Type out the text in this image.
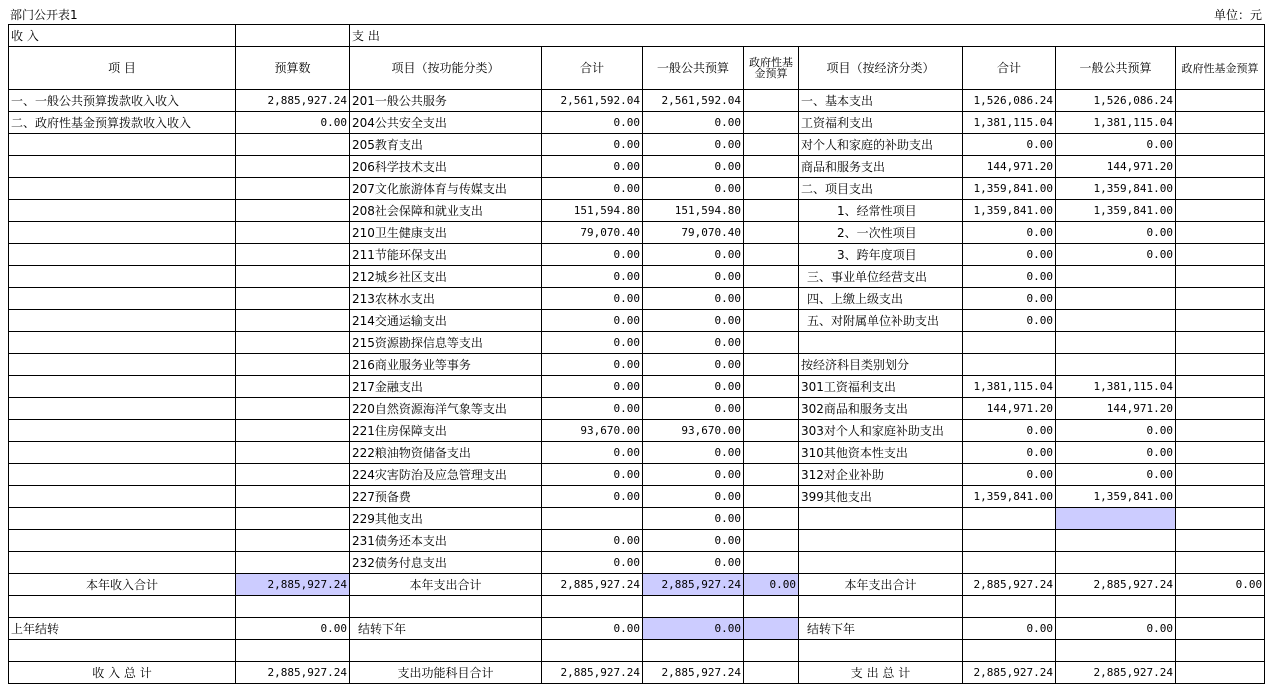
部门公开表1	单位：元
收 入		支 出							
项 目	预算数	项目（按功能分类）	合计	一般公共预算	政府性基金预算	项目（按经济分类）	合计	一般公共预算	政府性基金预算
一、一般公共预算拨款收入收入	2,885,927.24	201一般公共服务	2,561,592.04	2,561,592.04		一、基本支出	1,526,086.24	1,526,086.24	
二、政府性基金预算拨款收入收入	0.00	204公共安全支出	0.00	0.00		工资福利支出	1,381,115.04	1,381,115.04	
		205教育支出	0.00	0.00		对个人和家庭的补助支出	0.00	0.00	
		206科学技术支出	0.00	0.00		商品和服务支出	144,971.20	144,971.20	
		207文化旅游体育与传媒支出	0.00	0.00		二、项目支出	1,359,841.00	1,359,841.00	
		208社会保障和就业支出	151,594.80	151,594.80		1、经常性项目	1,359,841.00	1,359,841.00	
		210卫生健康支出	79,070.40	79,070.40		2、一次性项目	0.00	0.00	
		211节能环保支出	0.00	0.00		3、跨年度项目	0.00	0.00	
		212城乡社区支出	0.00	0.00		三、事业单位经营支出	0.00		
		213农林水支出	0.00	0.00		四、上缴上级支出	0.00		
		214交通运输支出	0.00	0.00		五、对附属单位补助支出	0.00		
		215资源勘探信息等支出	0.00	0.00					
		216商业服务业等事务	0.00	0.00		按经济科目类别划分			
		217金融支出	0.00	0.00		301工资福利支出	1,381,115.04	1,381,115.04	
		220自然资源海洋气象等支出	0.00	0.00		302商品和服务支出	144,971.20	144,971.20	
		221住房保障支出	93,670.00	93,670.00		303对个人和家庭补助支出	0.00	0.00	
		222粮油物资储备支出	0.00	0.00		310其他资本性支出	0.00	0.00	
		224灾害防治及应急管理支出	0.00	0.00		312对企业补助	0.00	0.00	
		227预备费	0.00	0.00		399其他支出	1,359,841.00	1,359,841.00	
		229其他支出		0.00					
		231债务还本支出	0.00	0.00					
		232债务付息支出	0.00	0.00					
本年收入合计	2,885,927.24	本年支出合计	2,885,927.24	2,885,927.24	0.00	本年支出合计	2,885,927.24	2,885,927.24	0.00

上年结转	0.00	结转下年	0.00	0.00		结转下年	0.00	0.00	

收 入 总 计	2,885,927.24	支出功能科目合计	2,885,927.24	2,885,927.24		支 出 总 计	2,885,927.24	2,885,927.24	
